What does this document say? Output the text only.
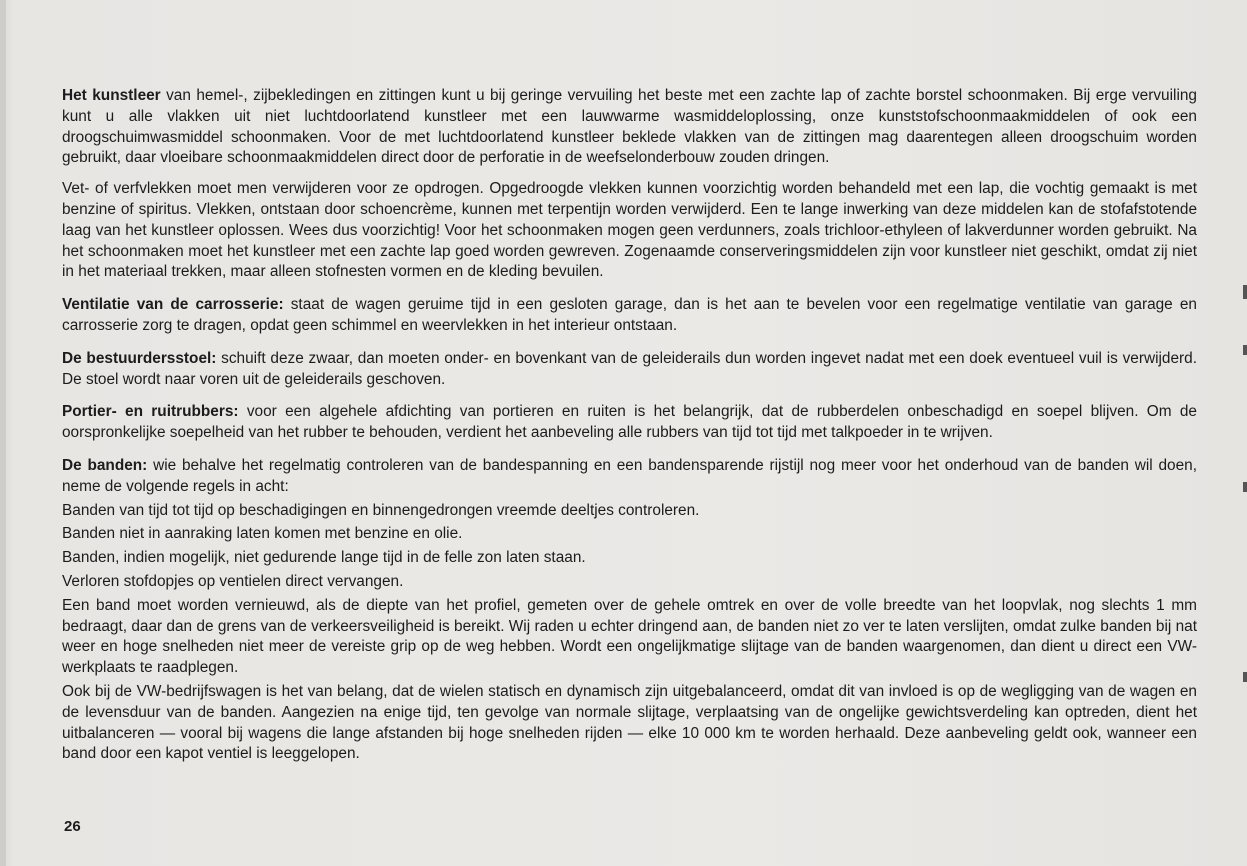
Het kunstleer van hemel-, zijbekledingen en zittingen kunt u bij geringe vervuiling het beste met een zachte lap of zachte borstel schoonmaken. Bij erge vervuiling kunt u alle vlakken uit niet luchtdoorlatend kunstleer met een lauwwarme wasmiddeloplossing, onze kunststofschoonmaakmiddelen of ook een droogschuimwasmiddel schoonmaken. Voor de met luchtdoorlatend kunstleer beklede vlakken van de zittingen mag daarentegen alleen droogschuim worden gebruikt, daar vloeibare schoonmaakmiddelen direct door de perforatie in de weefselonderbouw zouden dringen.

Vet- of verfvlekken moet men verwijderen voor ze opdrogen. Opgedroogde vlekken kunnen voorzichtig worden behandeld met een lap, die vochtig gemaakt is met benzine of spiritus. Vlekken, ontstaan door schoencrème, kunnen met terpentijn worden verwijderd. Een te lange inwerking van deze middelen kan de stofafstotende laag van het kunstleer oplossen. Wees dus voorzichtig! Voor het schoonmaken mogen geen verdunners, zoals trichloor-ethyleen of lakverdunner worden gebruikt. Na het schoonmaken moet het kunstleer met een zachte lap goed worden gewreven. Zogenaamde conserveringsmiddelen zijn voor kunstleer niet geschikt, omdat zij niet in het materiaal trekken, maar alleen stofnesten vormen en de kleding bevuilen.

Ventilatie van de carrosserie: staat de wagen geruime tijd in een gesloten garage, dan is het aan te bevelen voor een regelmatige ventilatie van garage en carrosserie zorg te dragen, opdat geen schimmel en weervlekken in het interieur ontstaan.

De bestuurdersstoel: schuift deze zwaar, dan moeten onder- en bovenkant van de geleiderails dun worden ingevet nadat met een doek eventueel vuil is verwijderd. De stoel wordt naar voren uit de geleiderails geschoven.

Portier- en ruitrubbers: voor een algehele afdichting van portieren en ruiten is het belangrijk, dat de rubberdelen onbeschadigd en soepel blijven. Om de oorspronkelijke soepelheid van het rubber te behouden, verdient het aanbeveling alle rubbers van tijd tot tijd met talkpoeder in te wrijven.

De banden: wie behalve het regelmatig controleren van de bandespanning en een bandensparende rijstijl nog meer voor het onderhoud van de banden wil doen, neme de volgende regels in acht:

Banden van tijd tot tijd op beschadigingen en binnengedrongen vreemde deeltjes controleren.

Banden niet in aanraking laten komen met benzine en olie.

Banden, indien mogelijk, niet gedurende lange tijd in de felle zon laten staan.

Verloren stofdopjes op ventielen direct vervangen.

Een band moet worden vernieuwd, als de diepte van het profiel, gemeten over de gehele omtrek en over de volle breedte van het loopvlak, nog slechts 1 mm bedraagt, daar dan de grens van de verkeersveiligheid is bereikt. Wij raden u echter dringend aan, de banden niet zo ver te laten verslijten, omdat zulke banden bij nat weer en hoge snelheden niet meer de vereiste grip op de weg hebben. Wordt een ongelijkmatige slijtage van de banden waargenomen, dan dient u direct een VW-werkplaats te raadplegen.

Ook bij de VW-bedrijfswagen is het van belang, dat de wielen statisch en dynamisch zijn uitgebalanceerd, omdat dit van invloed is op de wegligging van de wagen en de levensduur van de banden. Aangezien na enige tijd, ten gevolge van normale slijtage, verplaatsing van de ongelijke gewichtsverdeling kan optreden, dient het uitbalanceren — vooral bij wagens die lange afstanden bij hoge snelheden rijden — elke 10 000 km te worden herhaald. Deze aanbeveling geldt ook, wanneer een band door een kapot ventiel is leeggelopen.

26
